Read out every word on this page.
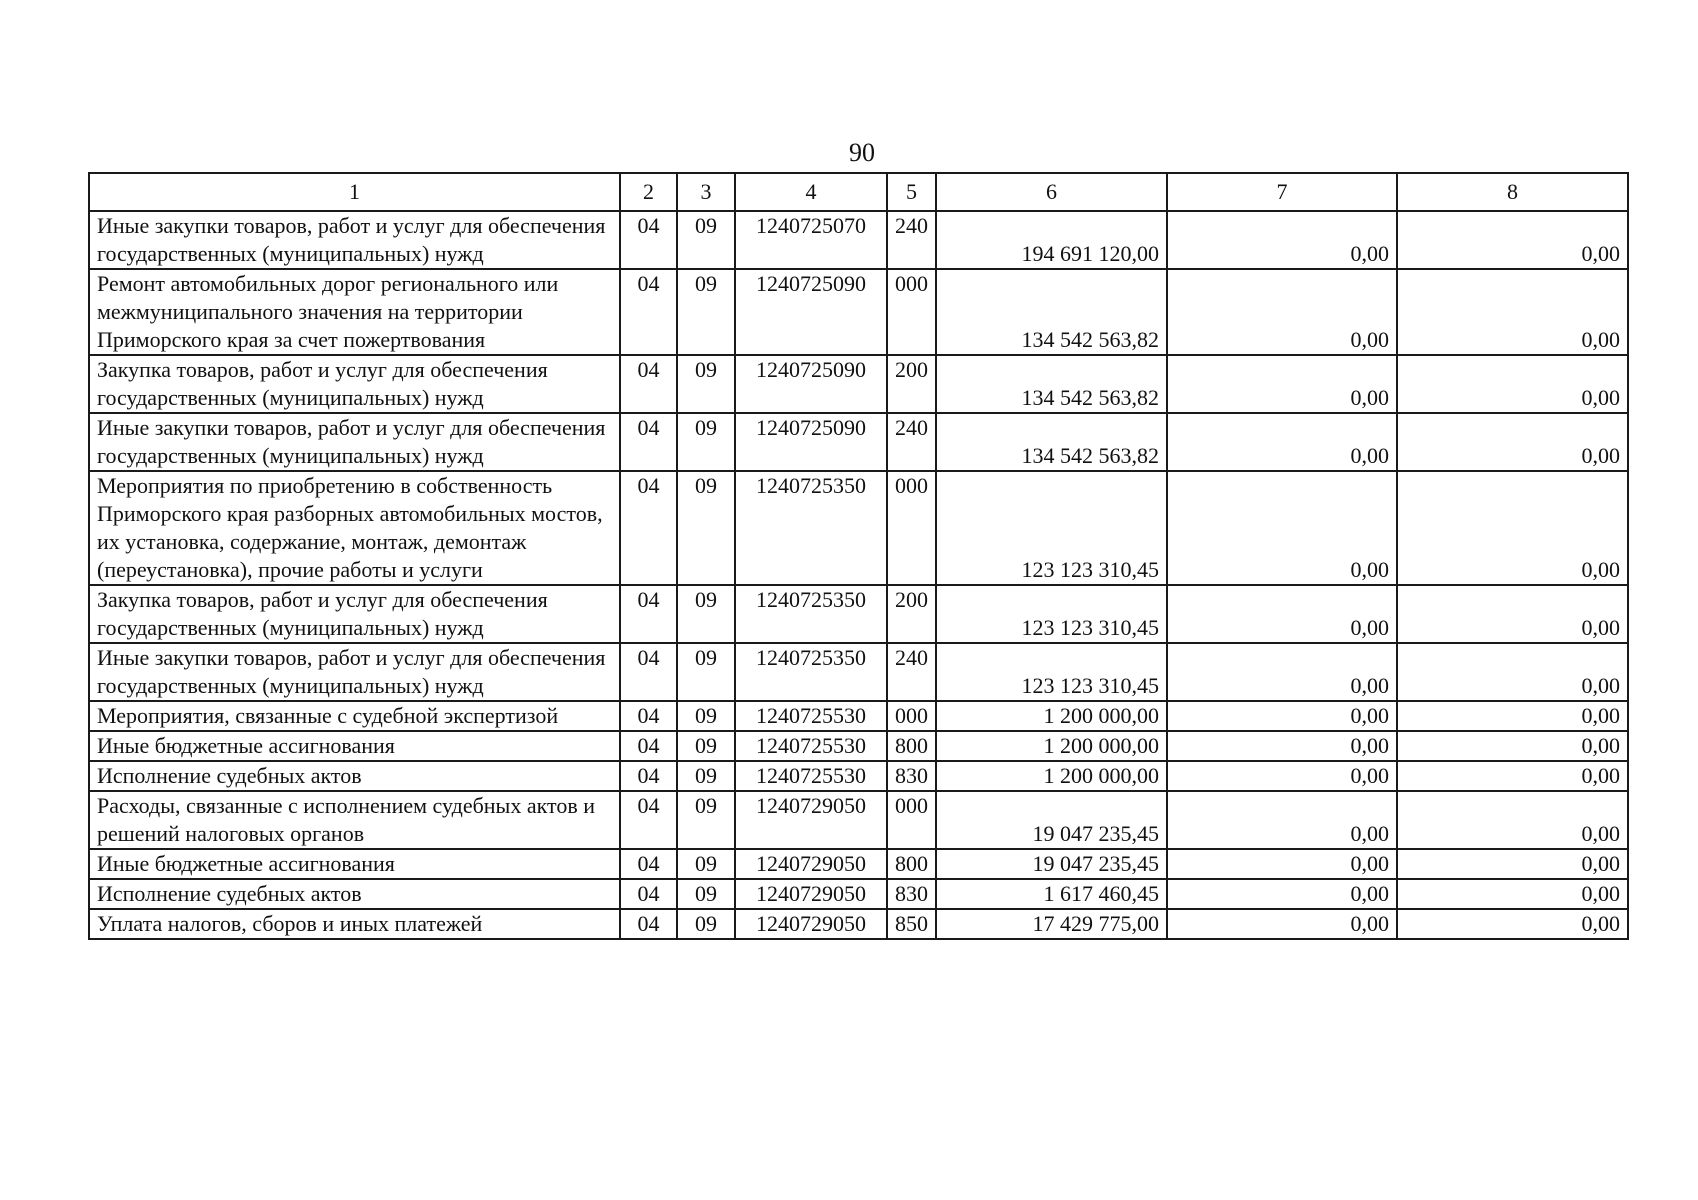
90
1	2	3	4	5	6	7	8
Иные закупки товаров, работ и услуг для обеспечения государственных (муниципальных) нужд	04	09	1240725070	240	194 691 120,00	0,00	0,00
Ремонт автомобильных дорог регионального или межмуниципального значения на территории Приморского края за счет пожертвования	04	09	1240725090	000	134 542 563,82	0,00	0,00
Закупка товаров, работ и услуг для обеспечения государственных (муниципальных) нужд	04	09	1240725090	200	134 542 563,82	0,00	0,00
Иные закупки товаров, работ и услуг для обеспечения государственных (муниципальных) нужд	04	09	1240725090	240	134 542 563,82	0,00	0,00
Мероприятия по приобретению в собственность Приморского края разборных автомобильных мостов, их установка, содержание, монтаж, демонтаж (переустановка), прочие работы и услуги	04	09	1240725350	000	123 123 310,45	0,00	0,00
Закупка товаров, работ и услуг для обеспечения государственных (муниципальных) нужд	04	09	1240725350	200	123 123 310,45	0,00	0,00
Иные закупки товаров, работ и услуг для обеспечения государственных (муниципальных) нужд	04	09	1240725350	240	123 123 310,45	0,00	0,00
Мероприятия, связанные с судебной экспертизой	04	09	1240725530	000	1 200 000,00	0,00	0,00
Иные бюджетные ассигнования	04	09	1240725530	800	1 200 000,00	0,00	0,00
Исполнение судебных актов	04	09	1240725530	830	1 200 000,00	0,00	0,00
Расходы, связанные с исполнением судебных актов и решений налоговых органов	04	09	1240729050	000	19 047 235,45	0,00	0,00
Иные бюджетные ассигнования	04	09	1240729050	800	19 047 235,45	0,00	0,00
Исполнение судебных актов	04	09	1240729050	830	1 617 460,45	0,00	0,00
Уплата налогов, сборов и иных платежей	04	09	1240729050	850	17 429 775,00	0,00	0,00
